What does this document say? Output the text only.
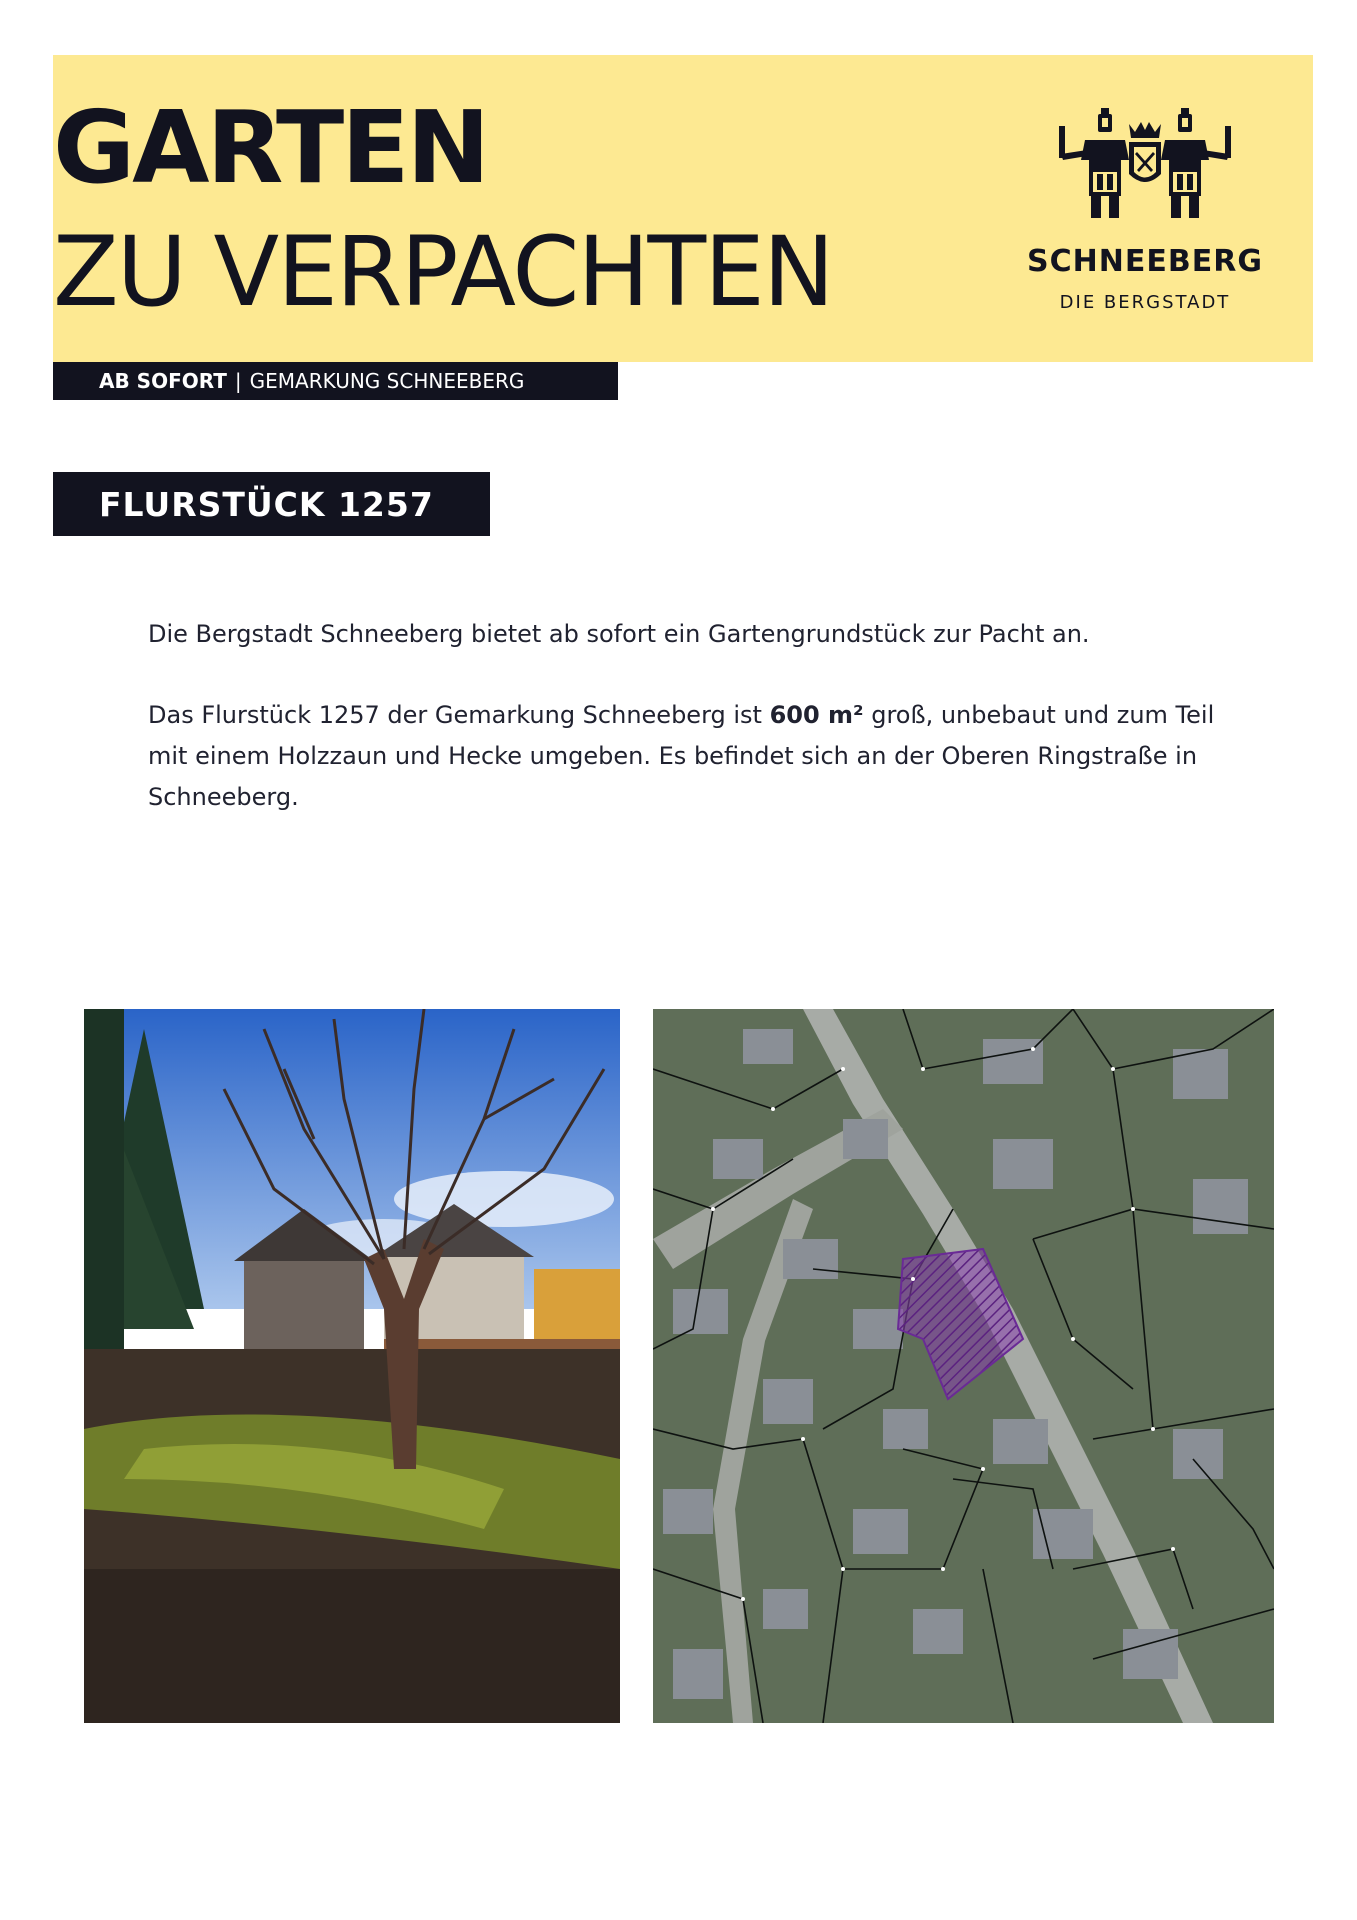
GARTEN
ZU VERPACHTEN	SCHNEEBERG
DIE BERGSTADT
AB SOFORT | GEMARKUNG SCHNEEBERG
FLURSTÜCK 1257

Die Bergstadt Schneeberg bietet ab sofort ein Gartengrundstück zur Pacht an.

Das Flurstück 1257 der Gemarkung Schneeberg ist 600 m² groß, unbebaut und zum Teil mit einem Holzzaun und Hecke umgeben. Es befindet sich an der Oberen Ringstraße in Schneeberg.
